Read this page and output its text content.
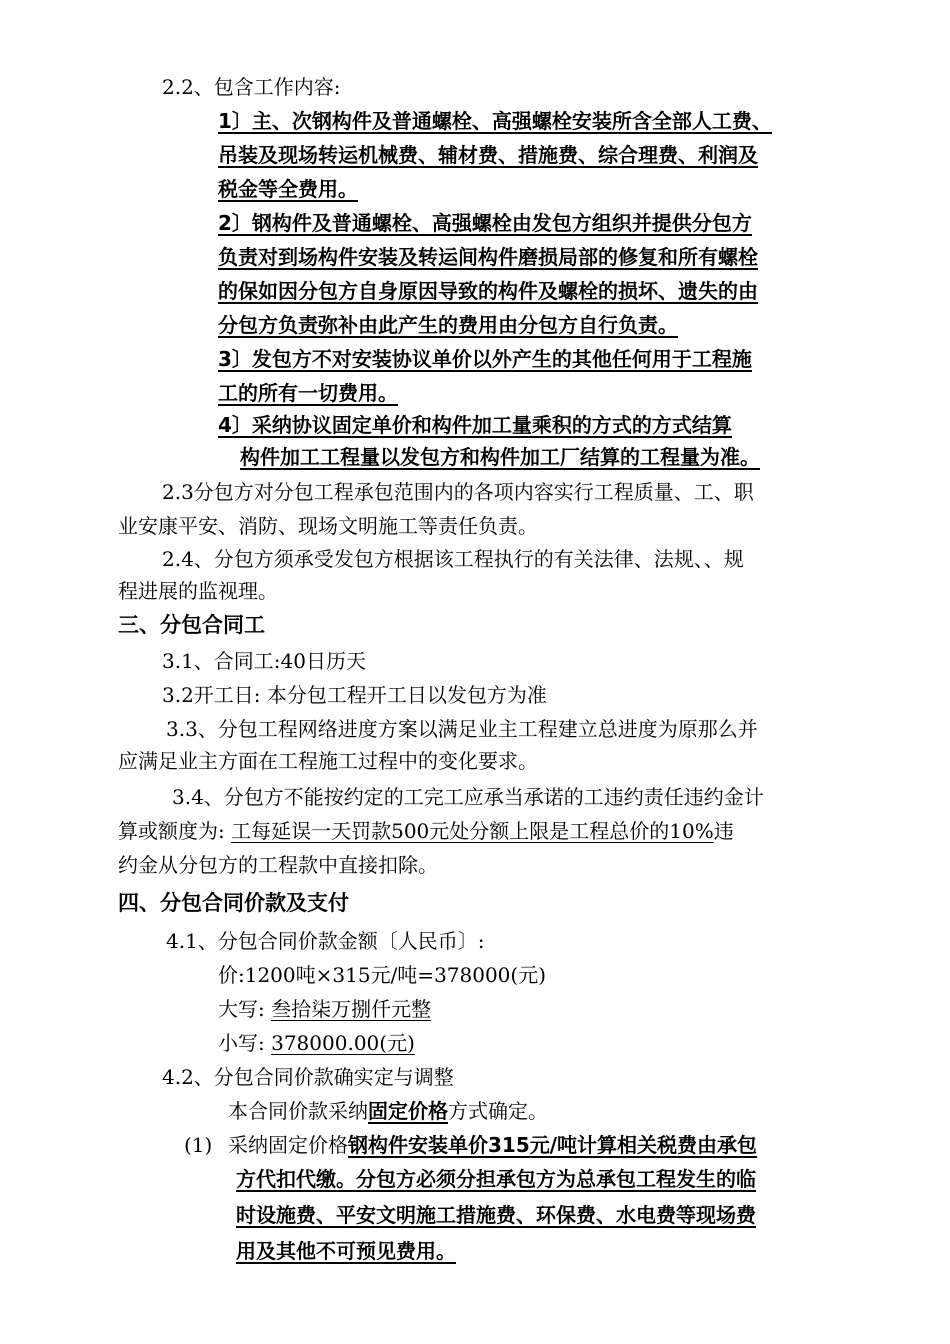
2.2、包含工作内容:
1〕主、次钢构件及普通螺栓、高强螺栓安装所含全部人工费、
吊装及现场转运机械费、辅材费、措施费、综合理费、利润及
税金等全费用。
2〕钢构件及普通螺栓、高强螺栓由发包方组织并提供分包方
负责对到场构件安装及转运间构件磨损局部的修复和所有螺栓
的保如因分包方自身原因导致的构件及螺栓的损坏、遗失的由
分包方负责弥补由此产生的费用由分包方自行负责。
3〕发包方不对安装协议单价以外产生的其他任何用于工程施
工的所有一切费用。
4〕采纳协议固定单价和构件加工量乘积的方式的方式结算
构件加工工程量以发包方和构件加工厂结算的工程量为准。
2.3分包方对分包工程承包范围内的各项内容实行工程质量、工、职
业安康平安、消防、现场文明施工等责任负责。
2.4、分包方须承受发包方根据该工程执行的有关法律、法规、、规
程进展的监视理。
三、分包合同工
3.1、合同工:40日历天
3.2开工日: 本分包工程开工日以发包方为准
3.3、分包工程网络进度方案以满足业主工程建立总进度为原那么并
应满足业主方面在工程施工过程中的变化要求。
3.4、分包方不能按约定的工完工应承当承诺的工违约责任违约金计
算或额度为: 工每延误一天罚款500元处分额上限是工程总价的10%违
约金从分包方的工程款中直接扣除。
四、分包合同价款及支付
4.1、分包合同价款金额〔人民币〕:
价:1200吨×315元/吨=378000(元)
大写: 叁拾柒万捌仟元整
小写: 378000.00(元)
4.2、分包合同价款确实定与调整
本合同价款采纳固定价格方式确定。
(1) 采纳固定价格钢构件安装单价315元/吨计算相关税费由承包
方代扣代缴。分包方必须分担承包方为总承包工程发生的临
时设施费、平安文明施工措施费、环保费、水电费等现场费
用及其他不可预见费用。
